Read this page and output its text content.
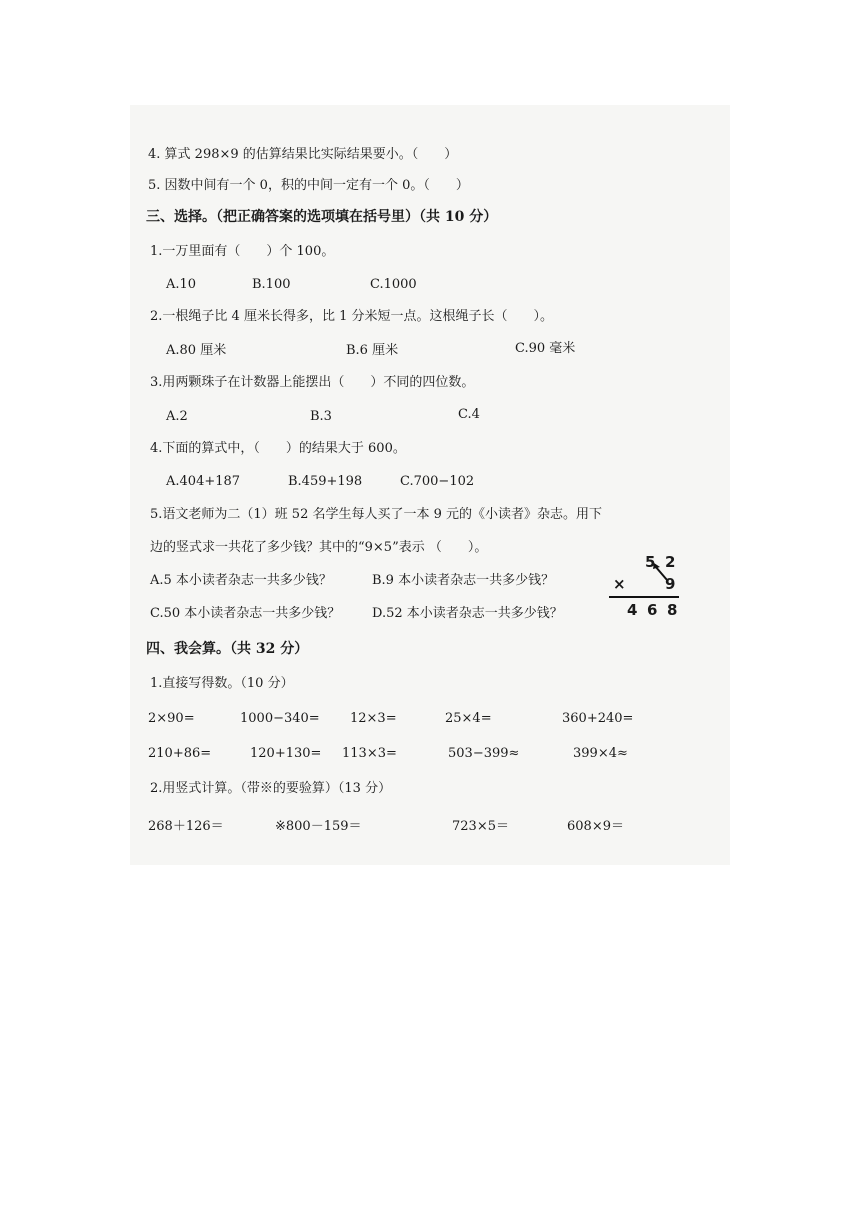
4. 算式 298×9 的估算结果比实际结果要小。（　　）
5. 因数中间有一个 0，积的中间一定有一个 0。（　　）
三、选择。（把正确答案的选项填在括号里）（共 10 分）
1.一万里面有（　　）个 100。
A.10	B.100	C.1000
2.一根绳子比 4 厘米长得多，比 1 分米短一点。这根绳子长（　　）。
A.80 厘米	B.6 厘米	C.90 毫米
3.用两颗珠子在计数器上能摆出（　　）不同的四位数。
A.2	B.3	C.4
4.下面的算式中，（　　）的结果大于 600。
A.404+187	B.459+198	C.700−102
5.语文老师为二（1）班 52 名学生每人买了一本 9 元的《小读者》杂志。用下
边的竖式求一共花了多少钱？其中的“9×5”表示 （　　）。
A.5 本小读者杂志一共多少钱？	B.9 本小读者杂志一共多少钱？
C.50 本小读者杂志一共多少钱？ D.52 本小读者杂志一共多少钱？
5 2
×	9
4 6 8
四、我会算。（共 32 分）
1.直接写得数。（10 分）
2×90=	1000−340= 12×3=	25×4=	360+240=
210+86=	120+130= 113×3=	503−399≈	399×4≈
2.用竖式计算。（带※的要验算）（13 分）
268＋126＝	※800－159＝	723×5＝	608×9＝
